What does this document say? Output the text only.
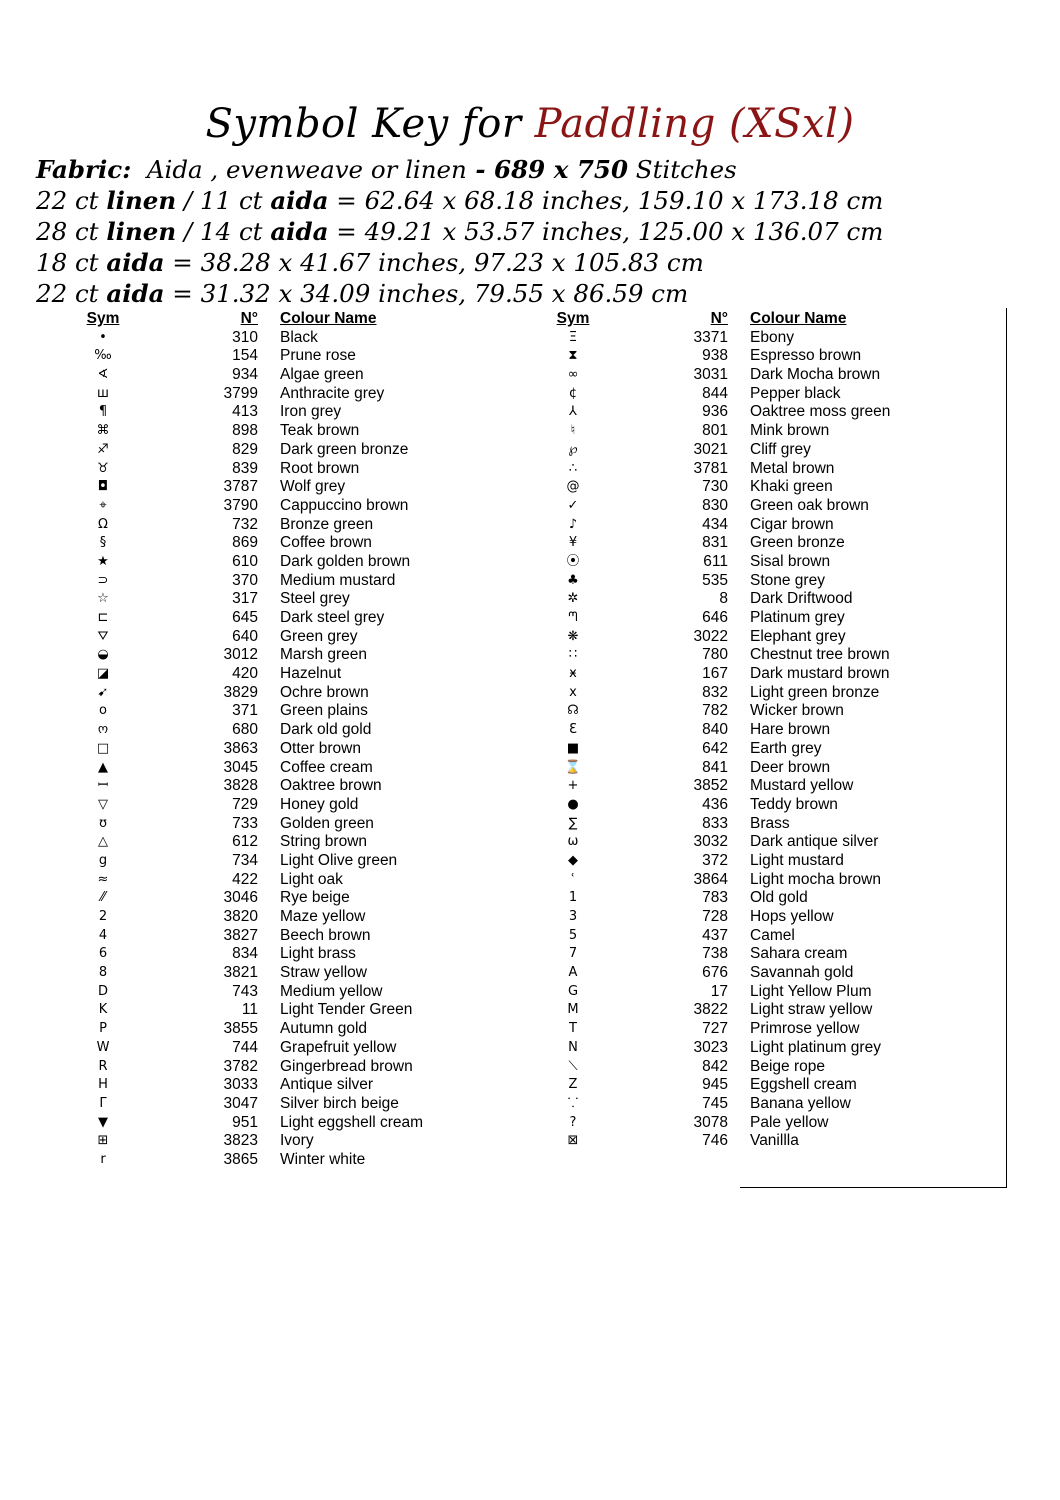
Symbol Key for Paddling (XSxl)
Fabric: Aida , evenweave or linen - 689 x 750 Stitches
22 ct linen / 11 ct aida = 62.64 x 68.18 inches, 159.10 x 173.18 cm
28 ct linen / 14 ct aida = 49.21 x 53.57 inches, 125.00 x 136.07 cm
18 ct aida = 38.28 x 41.67 inches, 97.23 x 105.83 cm
22 ct aida = 31.32 x 34.09 inches, 79.55 x 86.59 cm
Sym	N°	Colour Name
•	310	Black
‰	154	Prune rose
∢	934	Algae green
ш	3799	Anthracite grey
¶	413	Iron grey
⌘	898	Teak brown
♐	829	Dark green bronze
♉	839	Root brown
◘	3787	Wolf grey
⌖	3790	Cappuccino brown
Ω	732	Bronze green
§	869	Coffee brown
★	610	Dark golden brown
⊃	370	Medium mustard
☆	317	Steel grey
⊏	645	Dark steel grey
⛛	640	Green grey
◒	3012	Marsh green
◪	420	Hazelnut
➹	3829	Ochre brown
o	371	Green plains
ო	680	Dark old gold
□	3863	Otter brown
▲	3045	Coffee cream
ꟷ	3828	Oaktree brown
▽	729	Honey gold
ʊ	733	Golden green
△	612	String brown
g	734	Light Olive green
≈	422	Light oak
⁄⁄	3046	Rye beige
2	3820	Maze yellow
4	3827	Beech brown
6	834	Light brass
8	3821	Straw yellow
D	743	Medium yellow
K	11	Light Tender Green
P	3855	Autumn gold
W	744	Grapefruit yellow
R	3782	Gingerbread brown
H	3033	Antique silver
Γ	3047	Silver birch beige
▼	951	Light eggshell cream
⊞	3823	Ivory
r	3865	Winter white
Sym	N°	Colour Name
Ξ	3371	Ebony
⧗	938	Espresso brown
∞	3031	Dark Mocha brown
¢	844	Pepper black
⅄	936	Oaktree moss green
♮	801	Mink brown
℘	3021	Cliff grey
∴	3781	Metal brown
@	730	Khaki green
✓	830	Green oak brown
♪	434	Cigar brown
¥	831	Green bronze
⦿	611	Sisal brown
♣	535	Stone grey
✲	8	Dark Driftwood
ᘉ	646	Platinum grey
❋	3022	Elephant grey
∷	780	Chestnut tree brown
ӿ	167	Dark mustard brown
x	832	Light green bronze
☊	782	Wicker brown
Ɛ	840	Hare brown
■	642	Earth grey
⌛	841	Deer brown
+	3852	Mustard yellow
●	436	Teddy brown
∑	833	Brass
ω	3032	Dark antique silver
◆	372	Light mustard
ʿ	3864	Light mocha brown
1	783	Old gold
3	728	Hops yellow
5	437	Camel
7	738	Sahara cream
A	676	Savannah gold
G	17	Light Yellow Plum
M	3822	Light straw yellow
T	727	Primrose yellow
N	3023	Light platinum grey
⟍	842	Beige rope
Z	945	Eggshell cream
⸪	745	Banana yellow
?	3078	Pale yellow
⊠	746	Vanillla
